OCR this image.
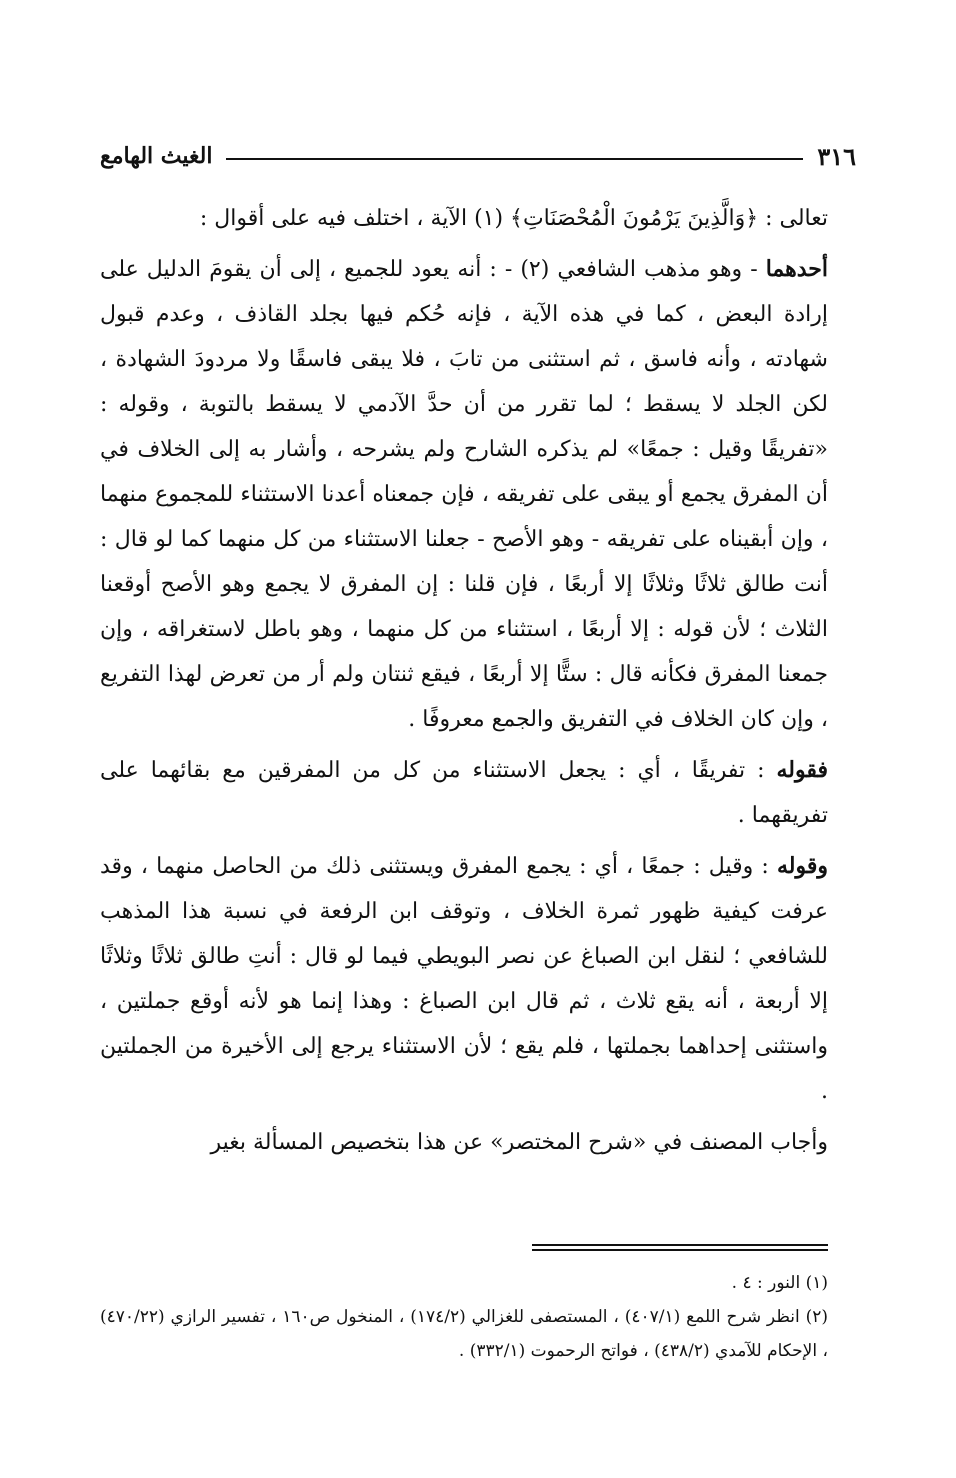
٣١٦
الغيث الهامع

تعالى : ﴿وَالَّذِينَ يَرْمُونَ الْمُحْصَنَاتِ﴾ (١) الآية ، اختلف فيه على أقوال :

أحدهما - وهو مذهب الشافعي (٢) - : أنه يعود للجميع ، إلى أن يقومَ الدليل على إرادة البعض ، كما في هذه الآية ، فإنه حُكم فيها بجلد القاذف ، وعدم قبول شهادته ، وأنه فاسق ، ثم استثنى من تابَ ، فلا يبقى فاسقًا ولا مردودَ الشهادة ، لكن الجلد لا يسقط ؛ لما تقرر من أن حدَّ الآدمي لا يسقط بالتوبة ، وقوله : «تفريقًا وقيل : جمعًا» لم يذكره الشارح ولم يشرحه ، وأشار به إلى الخلاف في أن المفرق يجمع أو يبقى على تفريقه ، فإن جمعناه أعدنا الاستثناء للمجموع منهما ، وإن أبقيناه على تفريقه - وهو الأصح - جعلنا الاستثناء من كل منهما كما لو قال : أنت طالق ثلاثًا وثلاثًا إلا أربعًا ، فإن قلنا : إن المفرق لا يجمع وهو الأصح أوقعنا الثلاث ؛ لأن قوله : إلا أربعًا ، استثناء من كل منهما ، وهو باطل لاستغراقه ، وإن جمعنا المفرق فكأنه قال : ستًّا إلا أربعًا ، فيقع ثنتان ولم أر من تعرض لهذا التفريع ، وإن كان الخلاف في التفريق والجمع معروفًا .

فقوله : تفريقًا ، أي : يجعل الاستثناء من كل من المفرقين مع بقائهما على تفريقهما .

وقوله : وقيل : جمعًا ، أي : يجمع المفرق ويستثنى ذلك من الحاصل منهما ، وقد عرفت كيفية ظهور ثمرة الخلاف ، وتوقف ابن الرفعة في نسبة هذا المذهب للشافعي ؛ لنقل ابن الصباغ عن نصر البويطي فيما لو قال : أنتِ طالق ثلاثًا وثلاثًا إلا أربعة ، أنه يقع ثلاث ، ثم قال ابن الصباغ : وهذا إنما هو لأنه أوقع جملتين ، واستثنى إحداهما بجملتها ، فلم يقع ؛ لأن الاستثناء يرجع إلى الأخيرة من الجملتين .

وأجاب المصنف في «شرح المختصر» عن هذا بتخصيص المسألة بغير

(١) النور : ٤ .

(٢) انظر شرح اللمع (٤٠٧/١) ، المستصفى للغزالي (١٧٤/٢) ، المنخول ص١٦٠ ، تفسير الرازي (٤٧٠/٢٢) ، الإحكام للآمدي (٤٣٨/٢) ، فواتح الرحموت (٣٣٢/١) .
